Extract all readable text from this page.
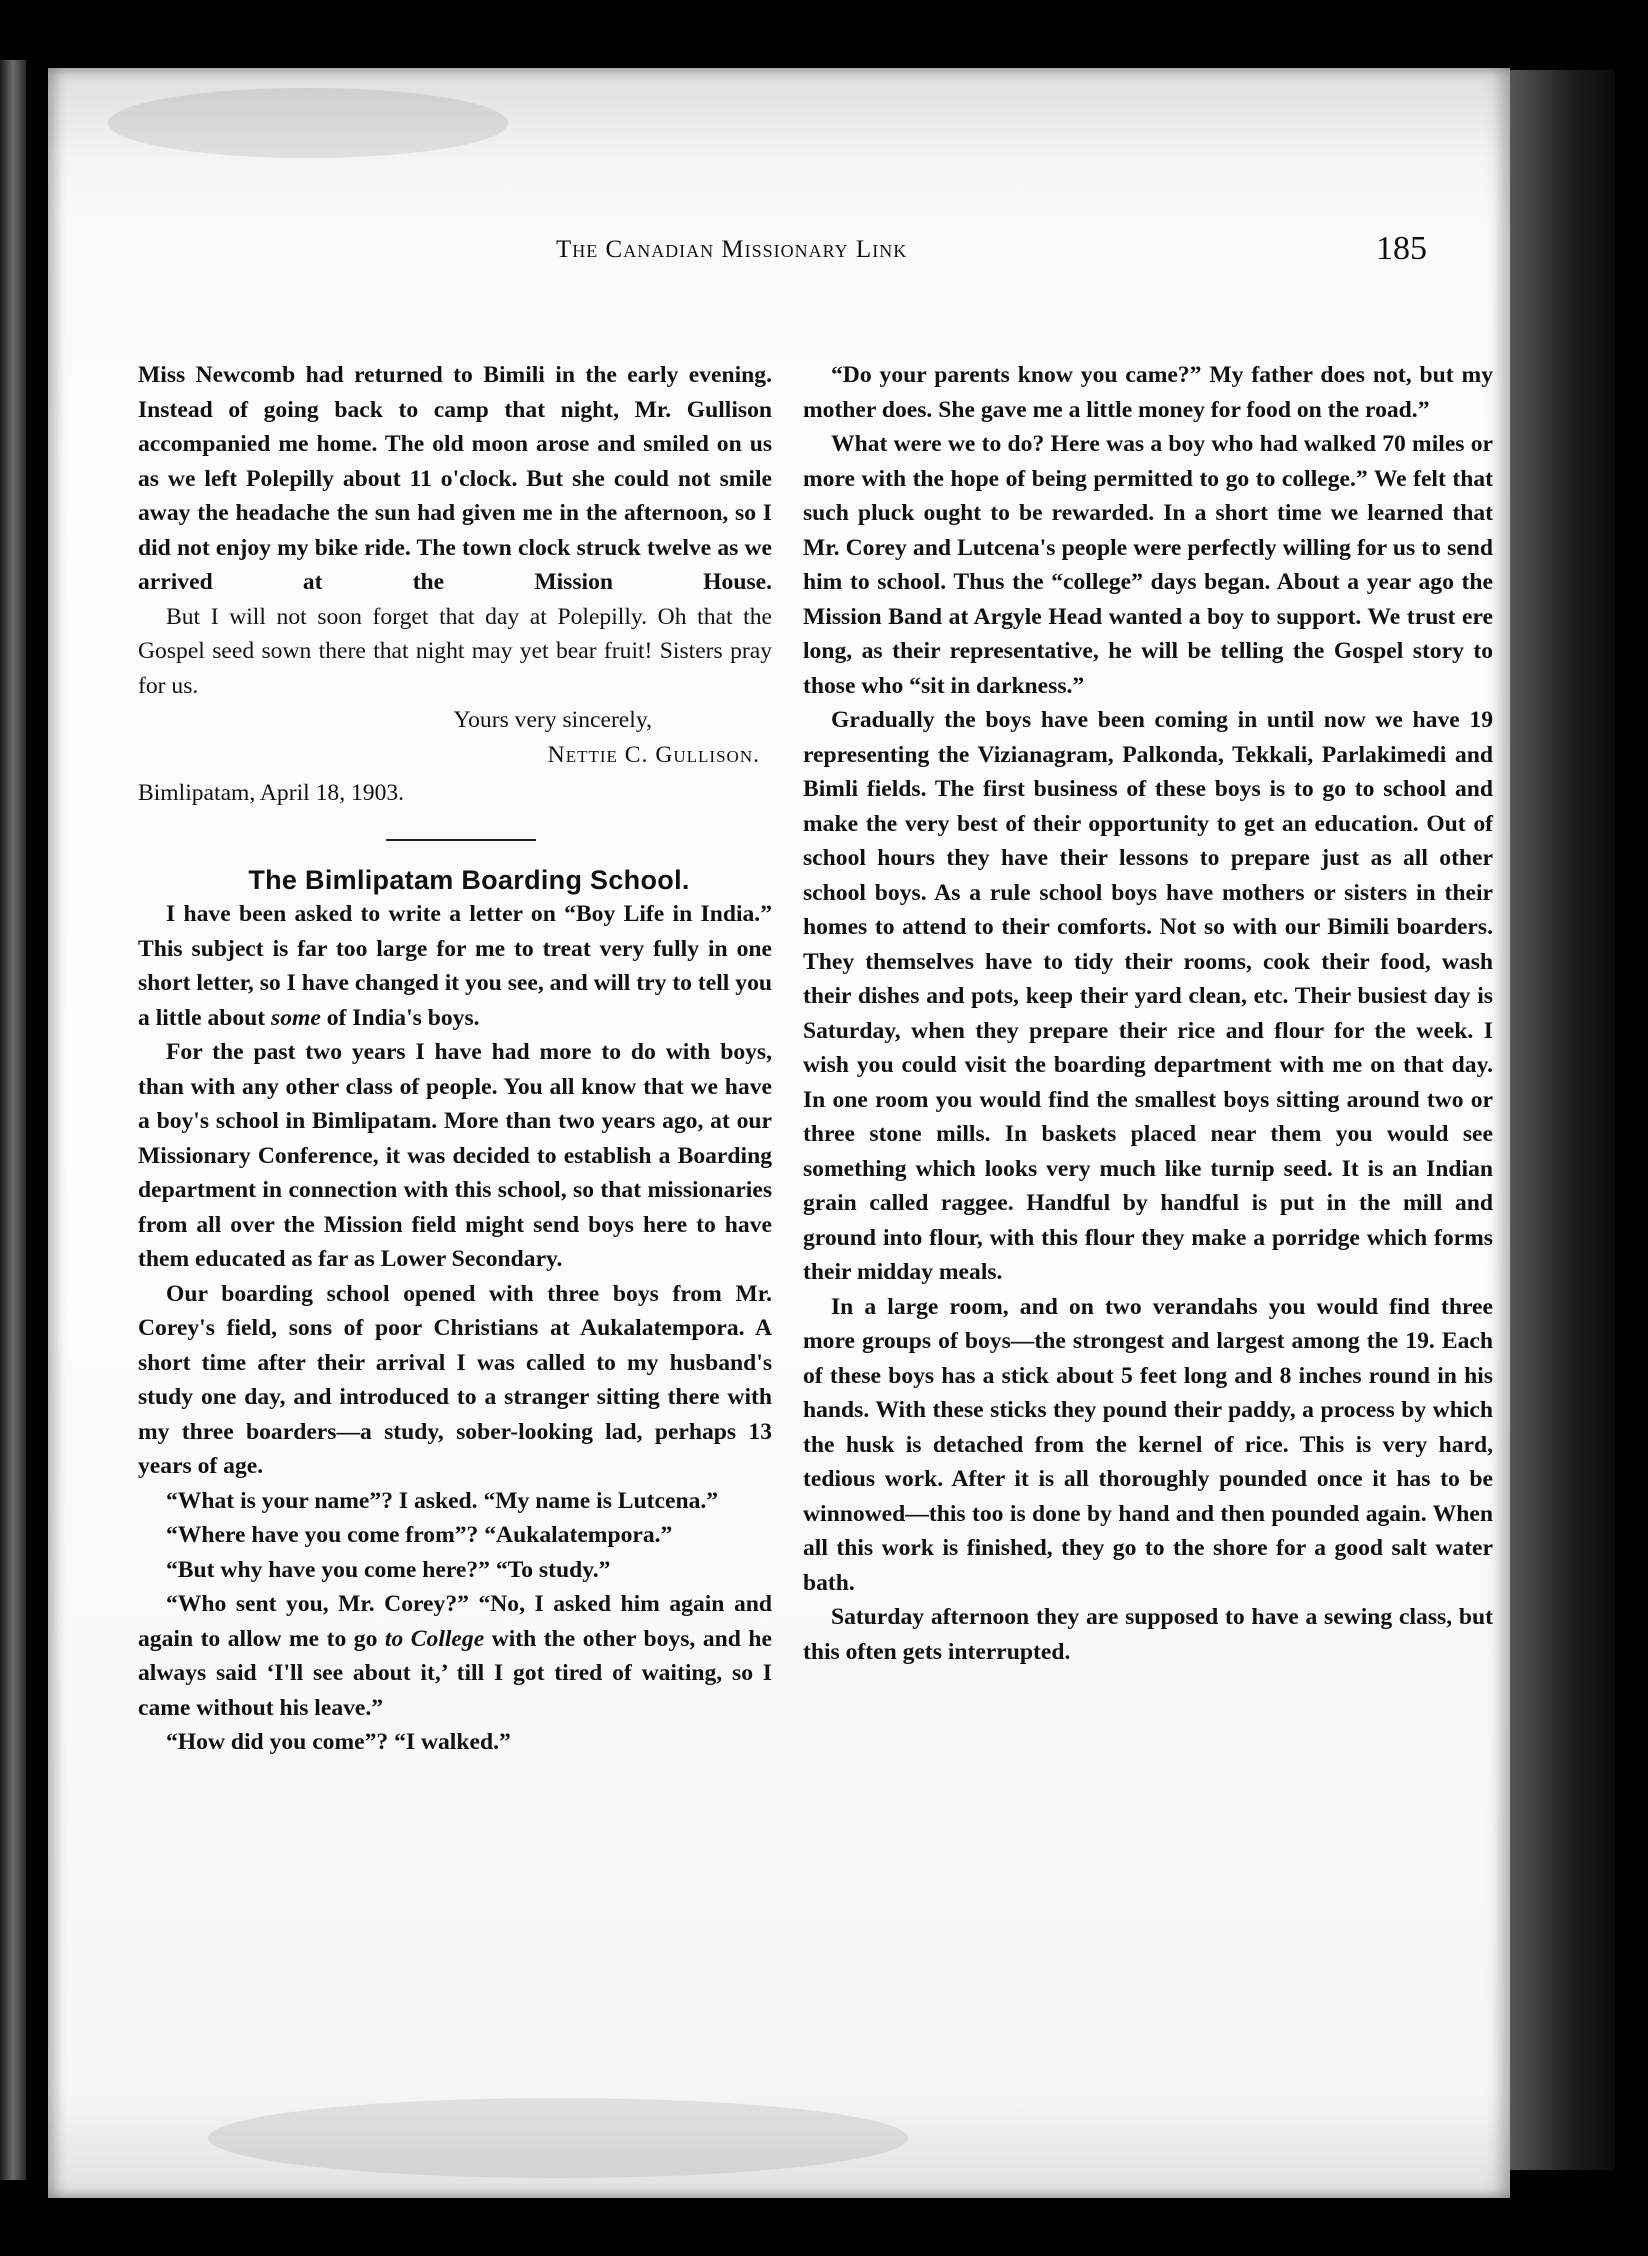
The Canadian Missionary Link	185

Miss Newcomb had returned to Bimili in the early evening. Instead of going back to camp that night, Mr. Gullison accompanied me home. The old moon arose and smiled on us as we left Polepilly about 11 o'clock. But she could not smile away the headache the sun had given me in the afternoon, so I did not enjoy my bike ride. The town clock struck twelve as we arrived at the Mission House.

But I will not soon forget that day at Polepilly. Oh that the Gospel seed sown there that night may yet bear fruit! Sisters pray for us.

Yours very sincerely,

Nettie C. Gullison.

Bimlipatam, April 18, 1903.

The Bimlipatam Boarding School.

I have been asked to write a letter on “Boy Life in India.” This subject is far too large for me to treat very fully in one short letter, so I have changed it you see, and will try to tell you a little about some of India's boys.

For the past two years I have had more to do with boys, than with any other class of people. You all know that we have a boy's school in Bimlipatam. More than two years ago, at our Missionary Conference, it was decided to establish a Boarding department in connection with this school, so that missionaries from all over the Mission field might send boys here to have them educated as far as Lower Secondary.

Our boarding school opened with three boys from Mr. Corey's field, sons of poor Christians at Aukalatempora. A short time after their arrival I was called to my husband's study one day, and introduced to a stranger sitting there with my three boarders—a study, sober-looking lad, perhaps 13 years of age.

“What is your name”? I asked. “My name is Lutcena.”

“Where have you come from”? “Aukalatempora.”

“But why have you come here?” “To study.”

“Who sent you, Mr. Corey?” “No, I asked him again and again to allow me to go to College with the other boys, and he always said ‘I'll see about it,’ till I got tired of waiting, so I came without his leave.”

“How did you come”? “I walked.”

“Do your parents know you came?” My father does not, but my mother does. She gave me a little money for food on the road.”

What were we to do? Here was a boy who had walked 70 miles or more with the hope of being permitted to go to college.” We felt that such pluck ought to be rewarded. In a short time we learned that Mr. Corey and Lutcena's people were perfectly willing for us to send him to school. Thus the “college” days began. About a year ago the Mission Band at Argyle Head wanted a boy to support. We trust ere long, as their representative, he will be telling the Gospel story to those who “sit in darkness.”

Gradually the boys have been coming in until now we have 19 representing the Vizianagram, Palkonda, Tekkali, Parlakimedi and Bimli fields. The first business of these boys is to go to school and make the very best of their opportunity to get an education. Out of school hours they have their lessons to prepare just as all other school boys. As a rule school boys have mothers or sisters in their homes to attend to their comforts. Not so with our Bimili boarders. They themselves have to tidy their rooms, cook their food, wash their dishes and pots, keep their yard clean, etc. Their busiest day is Saturday, when they prepare their rice and flour for the week. I wish you could visit the boarding department with me on that day. In one room you would find the smallest boys sitting around two or three stone mills. In baskets placed near them you would see something which looks very much like turnip seed. It is an Indian grain called raggee. Handful by handful is put in the mill and ground into flour, with this flour they make a porridge which forms their midday meals.

In a large room, and on two verandahs you would find three more groups of boys—the strongest and largest among the 19. Each of these boys has a stick about 5 feet long and 8 inches round in his hands. With these sticks they pound their paddy, a process by which the husk is detached from the kernel of rice. This is very hard, tedious work. After it is all thoroughly pounded once it has to be winnowed—this too is done by hand and then pounded again. When all this work is finished, they go to the shore for a good salt water bath.

Saturday afternoon they are supposed to have a sewing class, but this often gets interrupted.
